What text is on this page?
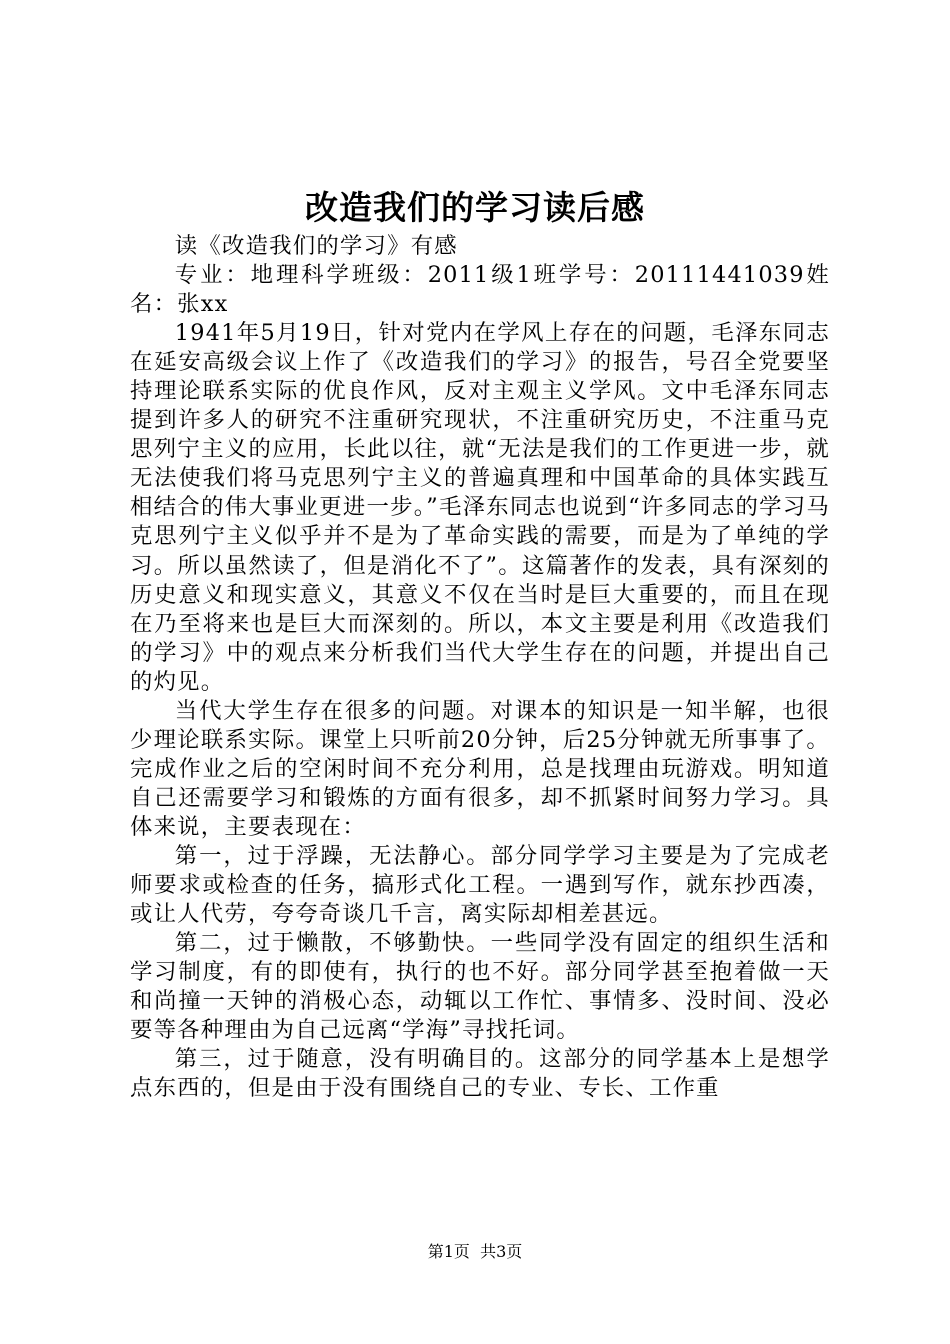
改造我们的学习读后感

读《改造我们的学习》有感

专业：地理科学班级：2011级1班学号：20111441039姓名：张xx

1941年5月19日，针对党内在学风上存在的问题，毛泽东同志在延安高级会议上作了《改造我们的学习》的报告，号召全党要坚持理论联系实际的优良作风，反对主观主义学风。文中毛泽东同志提到许多人的研究不注重研究现状，不注重研究历史，不注重马克思列宁主义的应用，长此以往，就“无法是我们的工作更进一步，就无法使我们将马克思列宁主义的普遍真理和中国革命的具体实践互相结合的伟大事业更进一步。”毛泽东同志也说到“许多同志的学习马克思列宁主义似乎并不是为了革命实践的需要，而是为了单纯的学习。所以虽然读了，但是消化不了”。这篇著作的发表，具有深刻的历史意义和现实意义，其意义不仅在当时是巨大重要的，而且在现在乃至将来也是巨大而深刻的。所以，本文主要是利用《改造我们的学习》中的观点来分析我们当代大学生存在的问题，并提出自己的灼见。

当代大学生存在很多的问题。对课本的知识是一知半解，也很少理论联系实际。课堂上只听前20分钟，后25分钟就无所事事了。完成作业之后的空闲时间不充分利用，总是找理由玩游戏。明知道自己还需要学习和锻炼的方面有很多，却不抓紧时间努力学习。具体来说，主要表现在：

第一，过于浮躁，无法静心。部分同学学习主要是为了完成老师要求或检查的任务，搞形式化工程。一遇到写作，就东抄西凑，或让人代劳，夸夸奇谈几千言，离实际却相差甚远。

第二，过于懒散，不够勤快。一些同学没有固定的组织生活和学习制度，有的即使有，执行的也不好。部分同学甚至抱着做一天和尚撞一天钟的消极心态，动辄以工作忙、事情多、没时间、没必要等各种理由为自己远离“学海”寻找托词。

第三，过于随意，没有明确目的。这部分的同学基本上是想学点东西的，但是由于没有围绕自己的专业、专长、工作重

第1页 共3页
